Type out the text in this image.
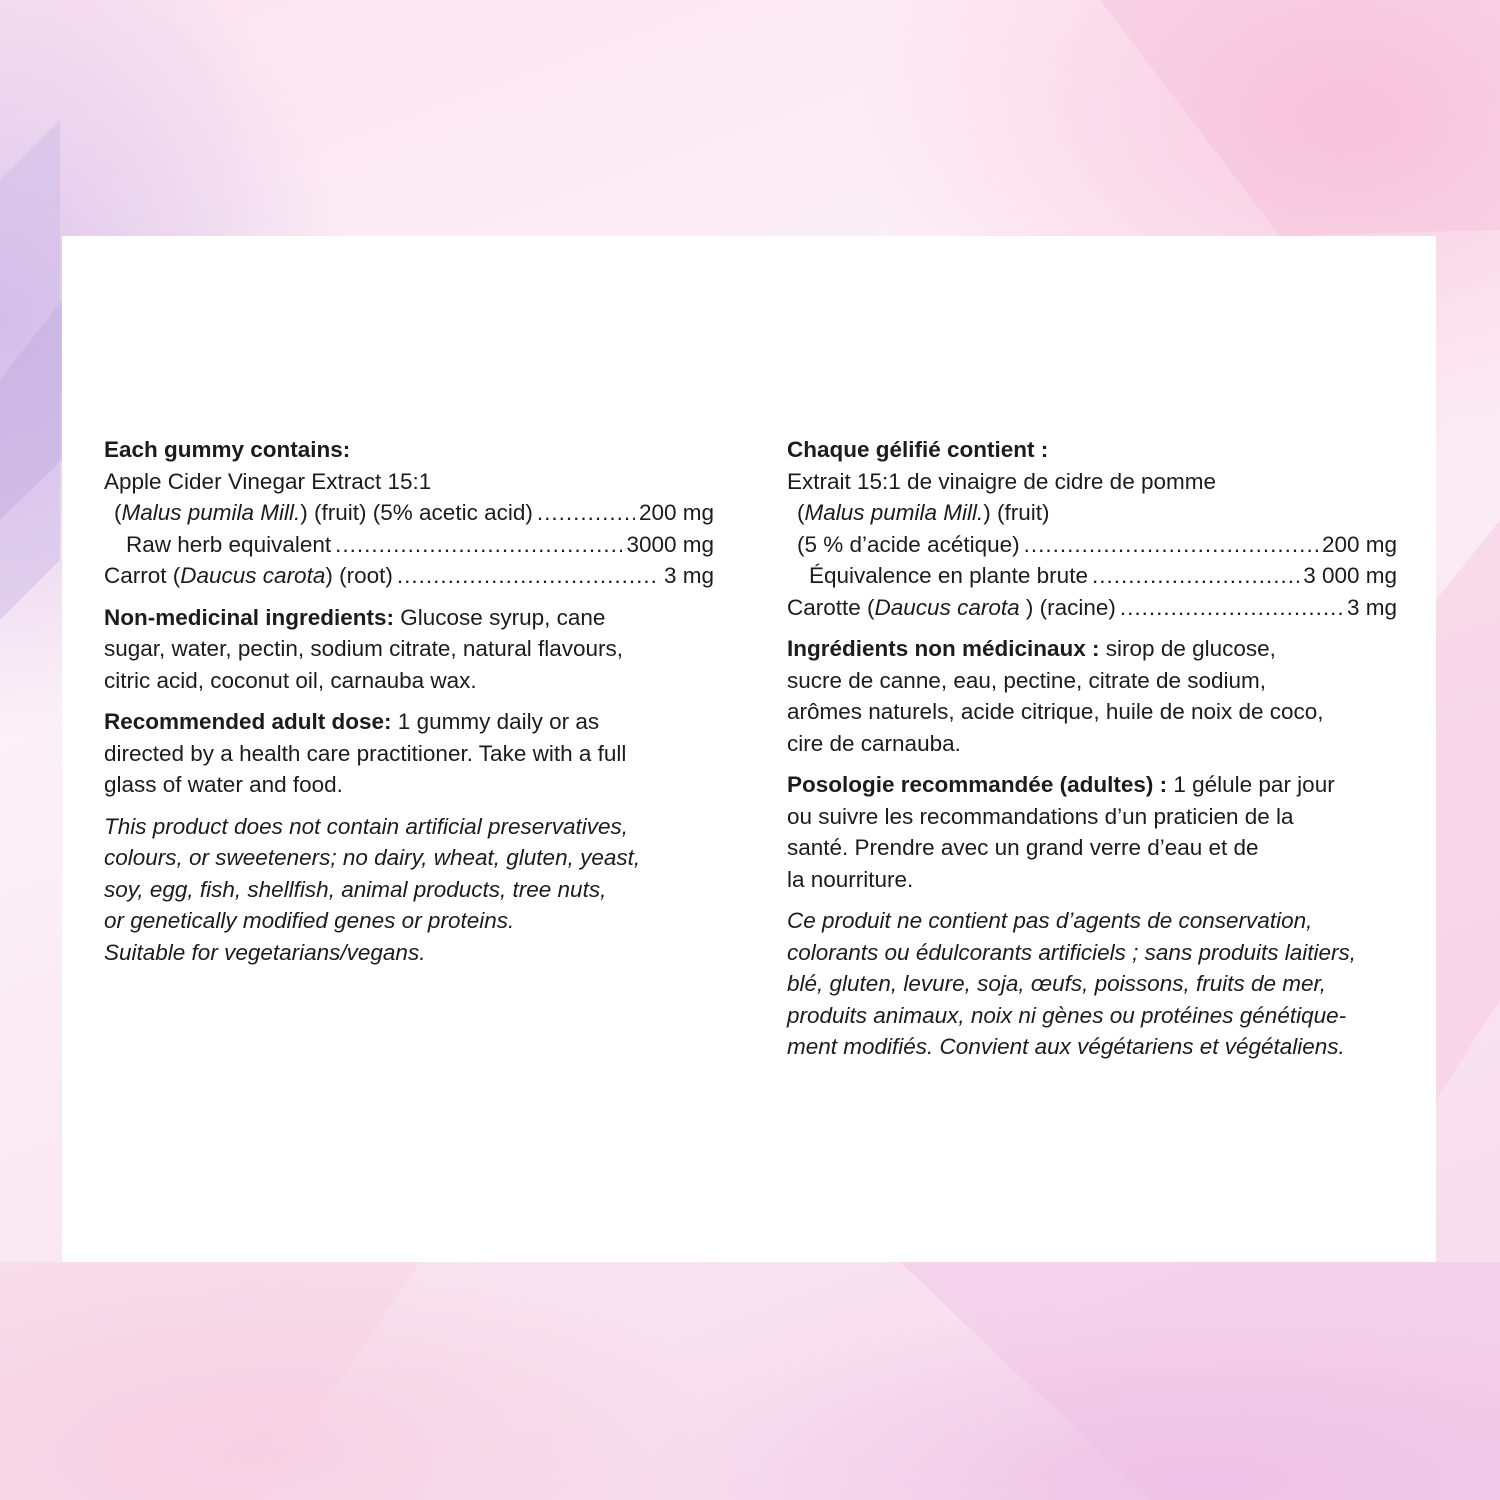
Each gummy contains:

Apple Cider Vinegar Extract 15:1
(Malus pumila Mill.) (fruit) (5% acetic acid) .....	200 mg
Raw herb equivalent .....	3000 mg
Carrot (Daucus carota) (root) .....	3 mg
Non-medicinal ingredients: Glucose syrup, cane
sugar, water, pectin, sodium citrate, natural flavours,
citric acid, coconut oil, carnauba wax.
Recommended adult dose: 1 gummy daily or as
directed by a health care practitioner. Take with a full
glass of water and food.
This product does not contain artificial preservatives,
colours, or sweeteners; no dairy, wheat, gluten, yeast,
soy, egg, fish, shellfish, animal products, tree nuts,
or genetically modified genes or proteins.
Suitable for vegetarians/vegans.

Chaque gélifié contient :

Extrait 15:1 de vinaigre de cidre de pomme
(Malus pumila Mill.) (fruit)
(5 % d’acide acétique) .....	200 mg
Équivalence en plante brute .....	3 000 mg
Carotte (Daucus carota ) (racine) .....	3 mg
Ingrédients non médicinaux : sirop de glucose,
sucre de canne, eau, pectine, citrate de sodium,
arômes naturels, acide citrique, huile de noix de coco,
cire de carnauba.
Posologie recommandée (adultes) : 1 gélule par jour
ou suivre les recommandations d’un praticien de la
santé. Prendre avec un grand verre d’eau et de
la nourriture.
Ce produit ne contient pas d’agents de conservation,
colorants ou édulcorants artificiels ; sans produits laitiers,
blé, gluten, levure, soja, œufs, poissons, fruits de mer,
produits animaux, noix ni gènes ou protéines génétique-
ment modifiés. Convient aux végétariens et végétaliens.
